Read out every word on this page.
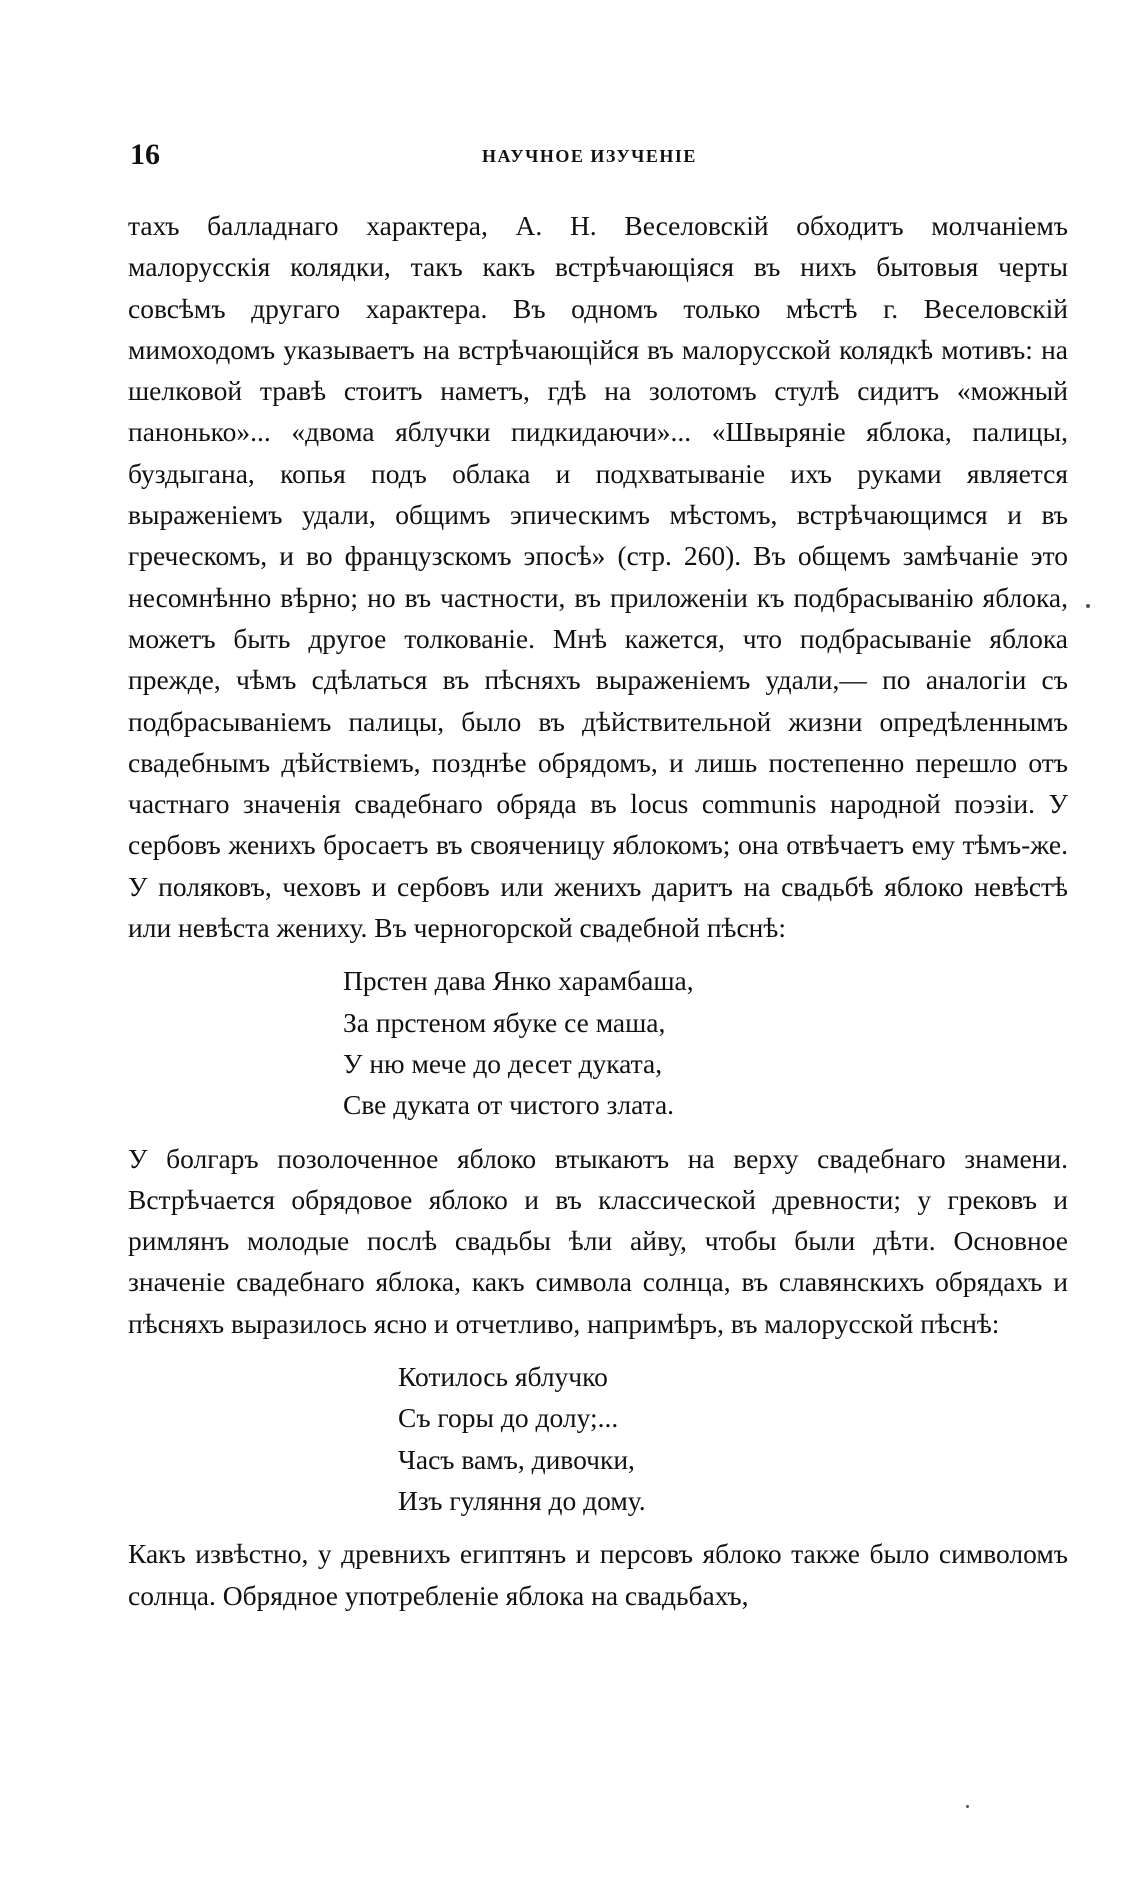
16	НАУЧНОЕ ИЗУЧЕНІЕ

тахъ балладнаго характера, А. Н. Веселовскій обходитъ молчаніемъ малорусскія колядки, такъ какъ встрѣчающіяся въ нихъ бытовыя черты совсѣмъ другаго характера. Въ одномъ только мѣстѣ г. Веселовскій мимоходомъ указываетъ на встрѣчающійся въ малорусской колядкѣ мотивъ: на шелковой травѣ стоитъ наметъ, гдѣ на золотомъ стулѣ сидитъ «можный панонько»... «двома яблучки пидкидаючи»... «Швыряніе яблока, палицы, буздыгана, копья подъ облака и подхватываніе ихъ руками является выраженіемъ удали, общимъ эпическимъ мѣстомъ, встрѣчающимся и въ греческомъ, и во французскомъ эпосѣ» (стр. 260). Въ общемъ замѣчаніе это несомнѣнно вѣрно; но въ частности, въ приложеніи къ подбрасыванію яблока, можетъ быть другое толкованіе. Мнѣ кажется, что подбрасываніе яблока прежде, чѣмъ сдѣлаться въ пѣсняхъ выраженіемъ удали,— по аналогіи съ подбрасываніемъ палицы, было въ дѣйствительной жизни опредѣленнымъ свадебнымъ дѣйствіемъ, позднѣе обрядомъ, и лишь постепенно перешло отъ частнаго значенія свадебнаго обряда въ locus communis народной поэзіи. У сербовъ женихъ бросаетъ въ свояченицу яблокомъ; она отвѣчаетъ ему тѣмъ-же. У поляковъ, чеховъ и сербовъ или женихъ даритъ на свадьбѣ яблоко невѣстѣ или невѣста жениху. Въ черногорской свадебной пѣснѣ:

Прстен дава Янко харамбаша,
За прстеном ябуке се маша,
У ню мече до десет дуката,
Све дуката от чистого злата.

У болгаръ позолоченное яблоко втыкаютъ на верху свадебнаго знамени. Встрѣчается обрядовое яблоко и въ классической древности; у грековъ и римлянъ молодые послѣ свадьбы ѣли айву, чтобы были дѣти. Основное значеніе свадебнаго яблока, какъ символа солнца, въ славянскихъ обрядахъ и пѣсняхъ выразилось ясно и отчетливо, напримѣръ, въ малорусской пѣснѣ:

Котилось яблучко
Съ горы до долу;...
Часъ вамъ, дивочки,
Изъ гуляння до дому.

Какъ извѣстно, у древнихъ египтянъ и персовъ яблоко также было символомъ солнца. Обрядное употребленіе яблока на свадьбахъ,
